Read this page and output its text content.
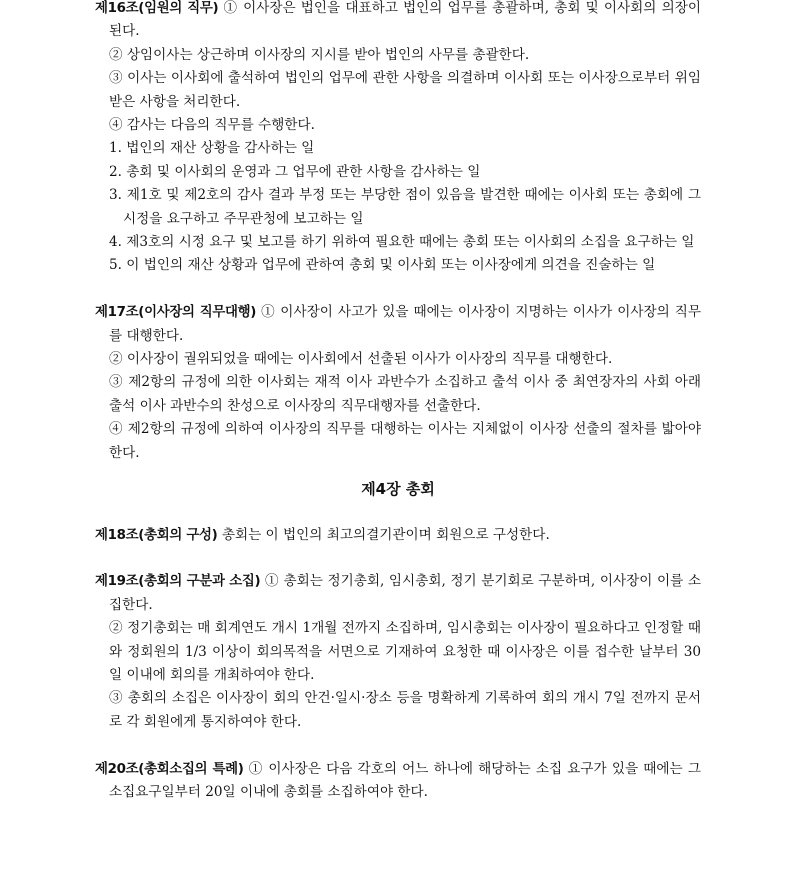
제16조(임원의 직무) ① 이사장은 법인을 대표하고 법인의 업무를 총괄하며, 총회 및 이사회의 의장이 된다.

② 상임이사는 상근하며 이사장의 지시를 받아 법인의 사무를 총괄한다.

③ 이사는 이사회에 출석하여 법인의 업무에 관한 사항을 의결하며 이사회 또는 이사장으로부터 위임받은 사항을 처리한다.

④ 감사는 다음의 직무를 수행한다.

1. 법인의 재산 상황을 감사하는 일

2. 총회 및 이사회의 운영과 그 업무에 관한 사항을 감사하는 일

3. 제1호 및 제2호의 감사 결과 부정 또는 부당한 점이 있음을 발견한 때에는 이사회 또는 총회에 그 시정을 요구하고 주무관청에 보고하는 일

4. 제3호의 시정 요구 및 보고를 하기 위하여 필요한 때에는 총회 또는 이사회의 소집을 요구하는 일

5. 이 법인의 재산 상황과 업무에 관하여 총회 및 이사회 또는 이사장에게 의견을 진술하는 일

제17조(이사장의 직무대행) ① 이사장이 사고가 있을 때에는 이사장이 지명하는 이사가 이사장의 직무를 대행한다.

② 이사장이 궐위되었을 때에는 이사회에서 선출된 이사가 이사장의 직무를 대행한다.

③ 제2항의 규정에 의한 이사회는 재적 이사 과반수가 소집하고 출석 이사 중 최연장자의 사회 아래 출석 이사 과반수의 찬성으로 이사장의 직무대행자를 선출한다.

④ 제2항의 규정에 의하여 이사장의 직무를 대행하는 이사는 지체없이 이사장 선출의 절차를 밟아야 한다.

제4장 총회

제18조(총회의 구성) 총회는 이 법인의 최고의결기관이며 회원으로 구성한다.

제19조(총회의 구분과 소집) ① 총회는 정기총회, 임시총회, 정기 분기회로 구분하며, 이사장이 이를 소집한다.

② 정기총회는 매 회계연도 개시 1개월 전까지 소집하며, 임시총회는 이사장이 필요하다고 인정할 때와 정회원의 1/3 이상이 회의목적을 서면으로 기재하여 요청한 때 이사장은 이를 접수한 날부터 30일 이내에 회의를 개최하여야 한다.

③ 총회의 소집은 이사장이 회의 안건·일시·장소 등을 명확하게 기록하여 회의 개시 7일 전까지 문서로 각 회원에게 통지하여야 한다.

제20조(총회소집의 특례) ① 이사장은 다음 각호의 어느 하나에 해당하는 소집 요구가 있을 때에는 그 소집요구일부터 20일 이내에 총회를 소집하여야 한다.
